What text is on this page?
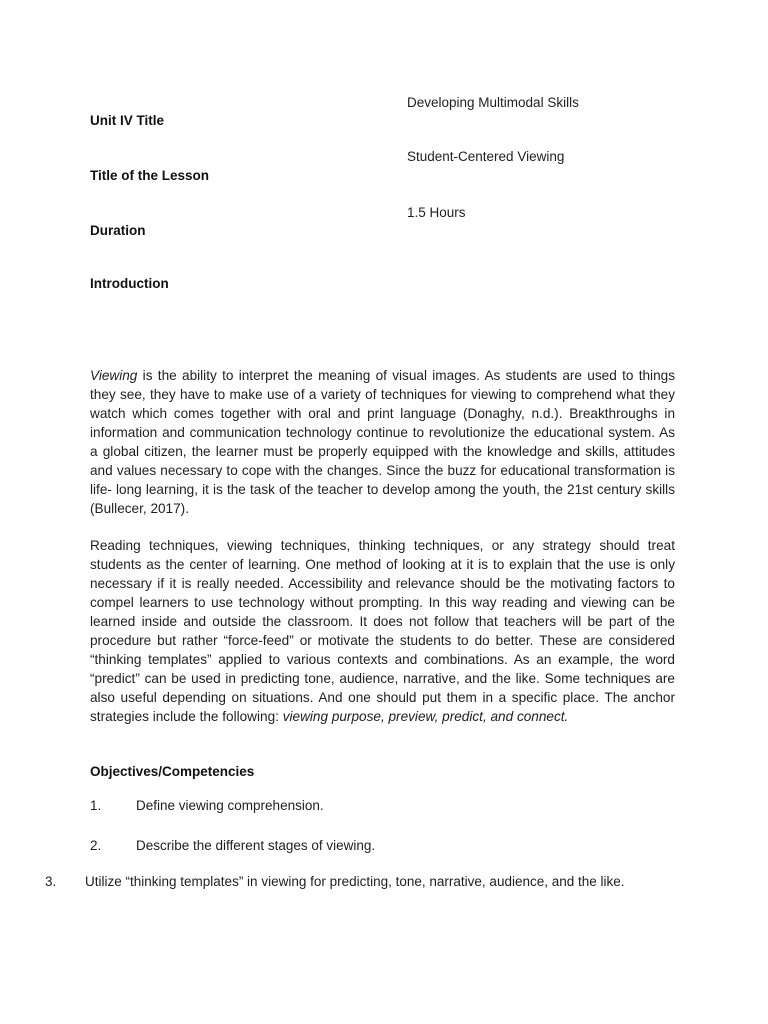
Developing Multimodal Skills
Unit IV Title
Student-Centered Viewing
Title of the Lesson
1.5 Hours
Duration
Introduction

Viewing is the ability to interpret the meaning of visual images. As students are used to things they see, they have to make use of a variety of techniques for viewing to comprehend what they watch which comes together with oral and print language (Donaghy, n.d.). Breakthroughs in information and communication technology continue to revolutionize the educational system. As a global citizen, the learner must be properly equipped with the knowledge and skills, attitudes and values necessary to cope with the changes. Since the buzz for educational transformation is life- long learning, it is the task of the teacher to develop among the youth, the 21st century skills (Bullecer, 2017).

Reading techniques, viewing techniques, thinking techniques, or any strategy should treat students as the center of learning. One method of looking at it is to explain that the use is only necessary if it is really needed. Accessibility and relevance should be the motivating factors to compel learners to use technology without prompting. In this way reading and viewing can be learned inside and outside the classroom. It does not follow that teachers will be part of the procedure but rather “force-feed” or motivate the students to do better. These are considered “thinking templates” applied to various contexts and combinations. As an example, the word “predict” can be used in predicting tone, audience, narrative, and the like. Some techniques are also useful depending on situations. And one should put them in a specific place. The anchor strategies include the following: viewing purpose, preview, predict, and connect.

Objectives/Competencies
1.	Define viewing comprehension.
2.	Describe the different stages of viewing.
3. Utilize “thinking templates” in viewing for predicting, tone, narrative, audience, and the like.
